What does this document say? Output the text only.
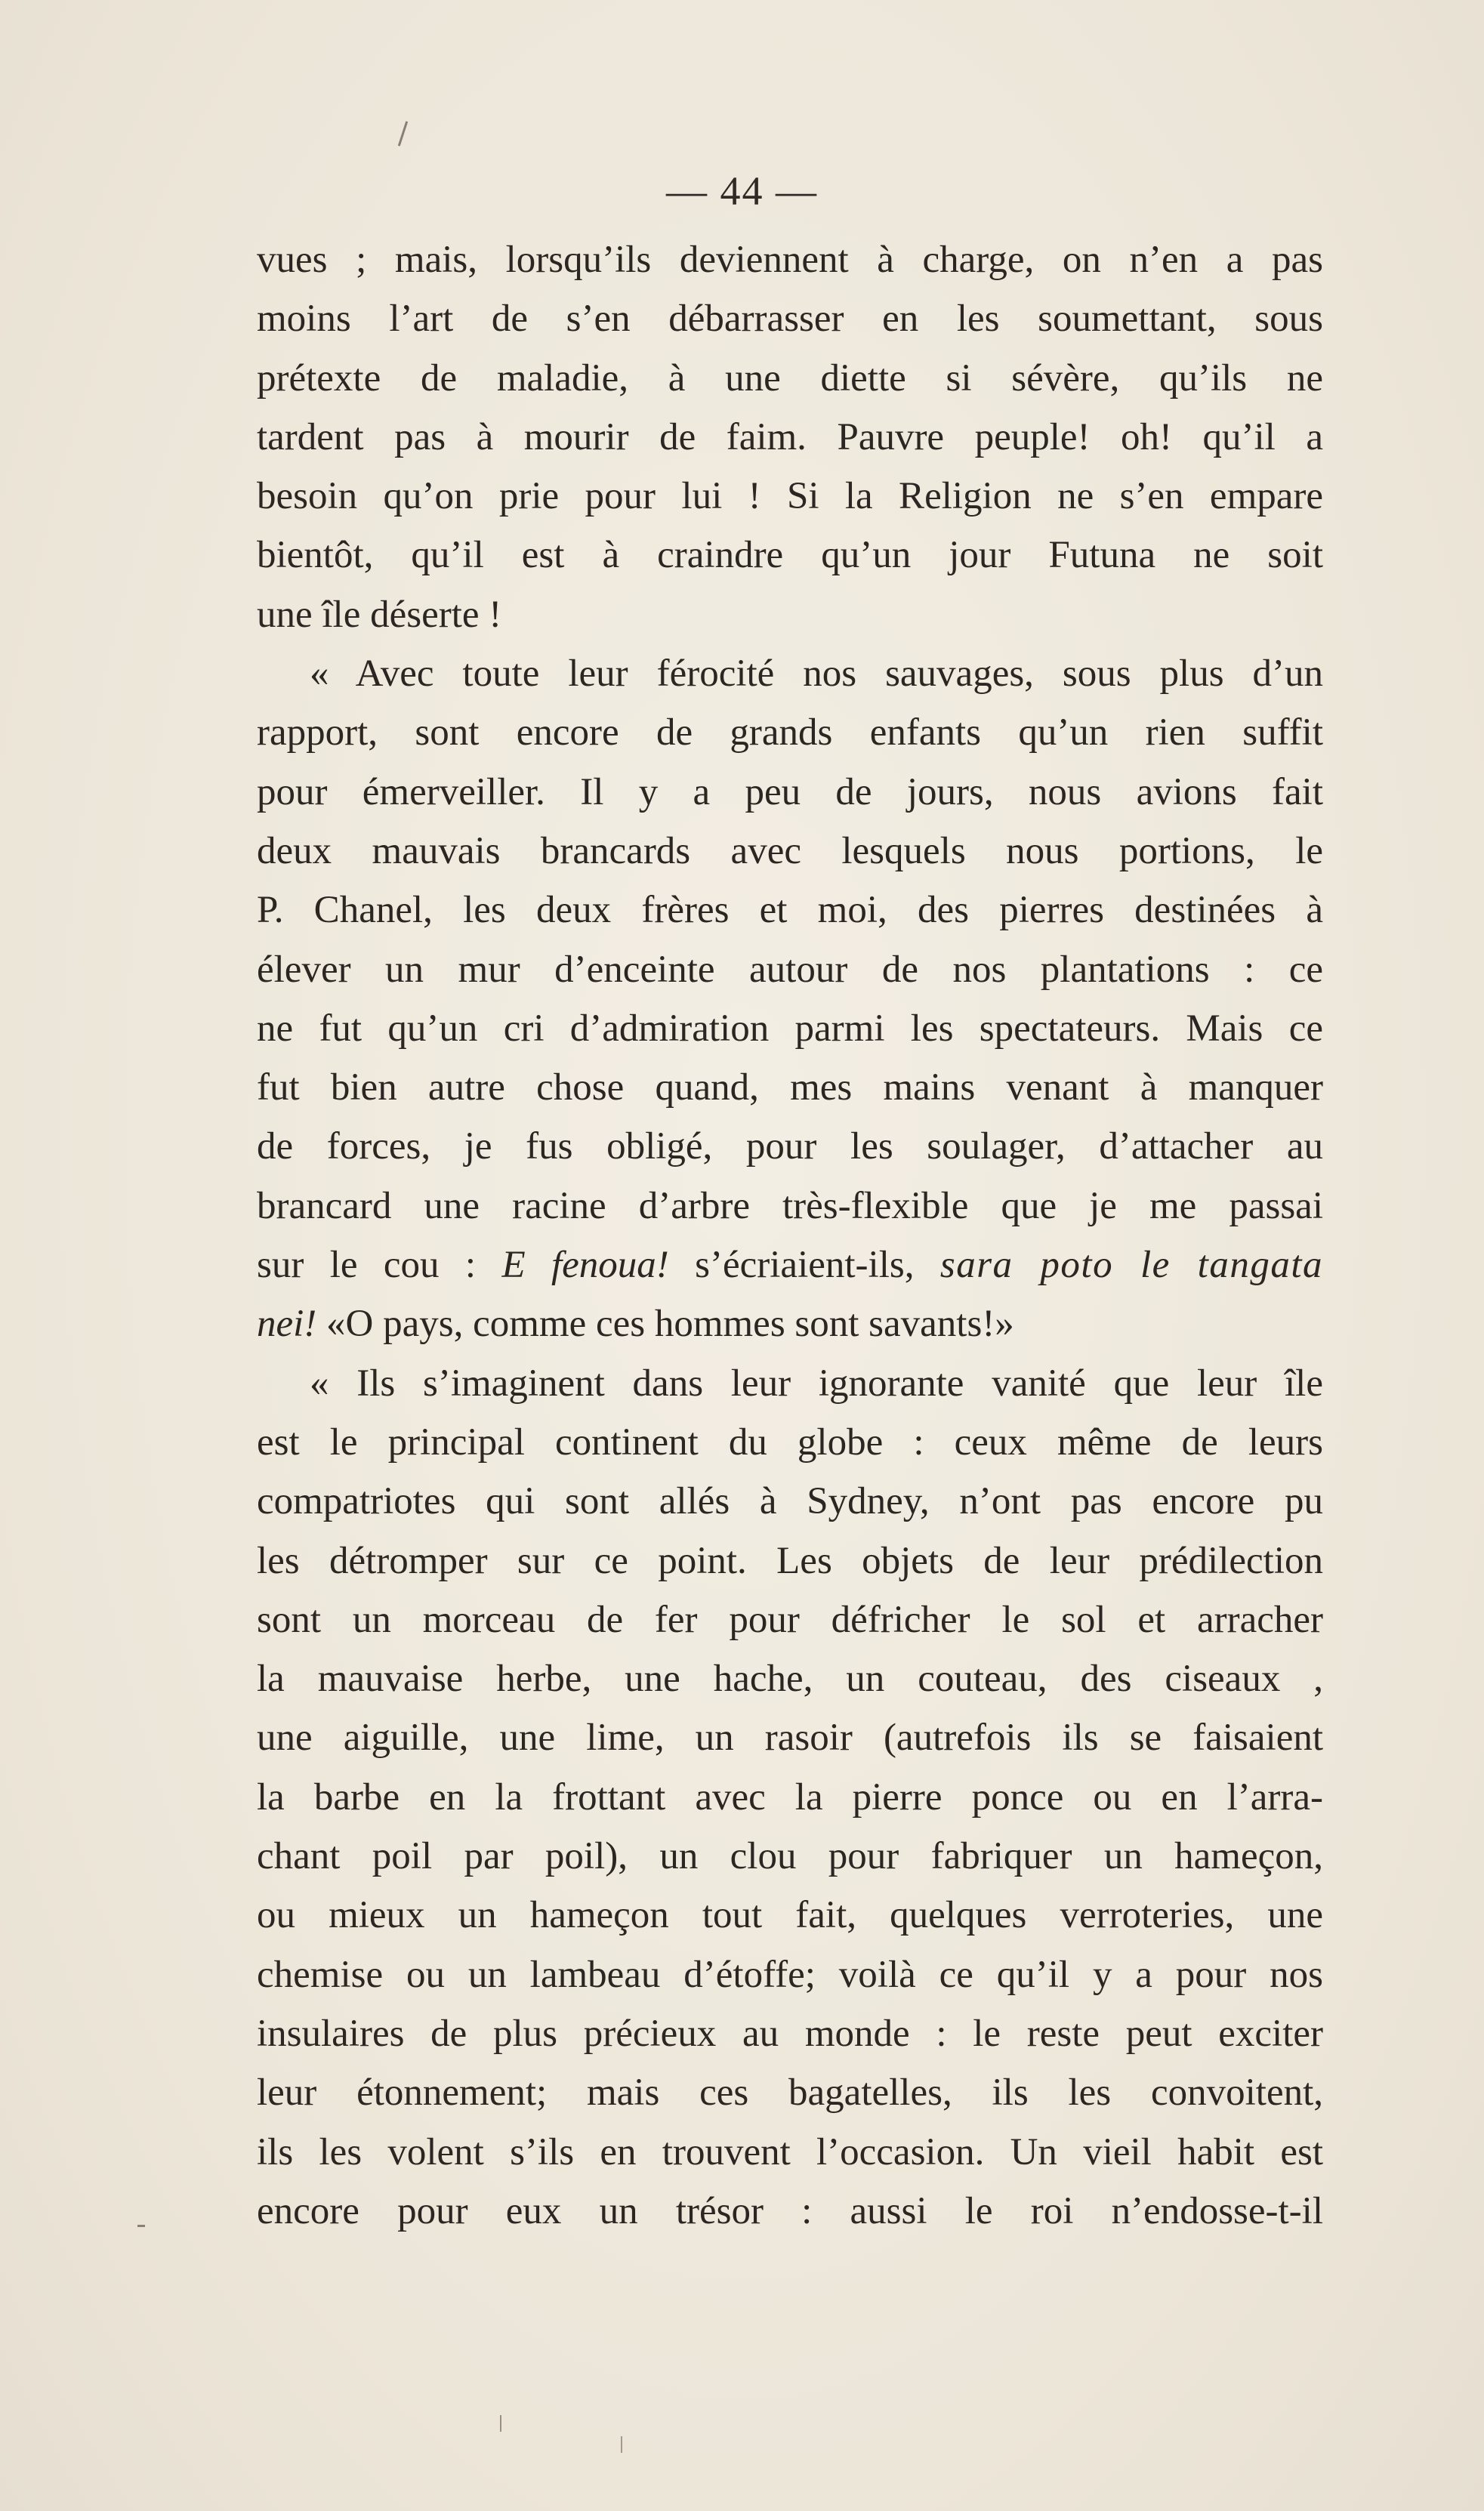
— 44 —
vues ; mais, lorsqu’ils deviennent à charge, on n’en a pas
moins l’art de s’en débarrasser en les soumettant, sous
prétexte de maladie, à une diette si sévère, qu’ils ne
tardent pas à mourir de faim. Pauvre peuple! oh! qu’il a
besoin qu’on prie pour lui ! Si la Religion ne s’en empare
bientôt, qu’il est à craindre qu’un jour Futuna ne soit
une île déserte !
« Avec toute leur férocité nos sauvages, sous plus d’un
rapport, sont encore de grands enfants qu’un rien suffit
pour émerveiller. Il y a peu de jours, nous avions fait
deux mauvais brancards avec lesquels nous portions, le
P. Chanel, les deux frères et moi, des pierres destinées à
élever un mur d’enceinte autour de nos plantations : ce
ne fut qu’un cri d’admiration parmi les spectateurs. Mais ce
fut bien autre chose quand, mes mains venant à manquer
de forces, je fus obligé, pour les soulager, d’attacher au
brancard une racine d’arbre très-flexible que je me passai
sur le cou : E fenoua! s’écriaient-ils, sara poto le tangata
nei! «O pays, comme ces hommes sont savants!»
« Ils s’imaginent dans leur ignorante vanité que leur île
est le principal continent du globe : ceux même de leurs
compatriotes qui sont allés à Sydney, n’ont pas encore pu
les détromper sur ce point. Les objets de leur prédilection
sont un morceau de fer pour défricher le sol et arracher
la mauvaise herbe, une hache, un couteau, des ciseaux ,
une aiguille, une lime, un rasoir (autrefois ils se faisaient
la barbe en la frottant avec la pierre ponce ou en l’arra-
chant poil par poil), un clou pour fabriquer un hameçon,
ou mieux un hameçon tout fait, quelques verroteries, une
chemise ou un lambeau d’étoffe; voilà ce qu’il y a pour nos
insulaires de plus précieux au monde : le reste peut exciter
leur étonnement; mais ces bagatelles, ils les convoitent,
ils les volent s’ils en trouvent l’occasion. Un vieil habit est
encore pour eux un trésor : aussi le roi n’endosse-t-il
